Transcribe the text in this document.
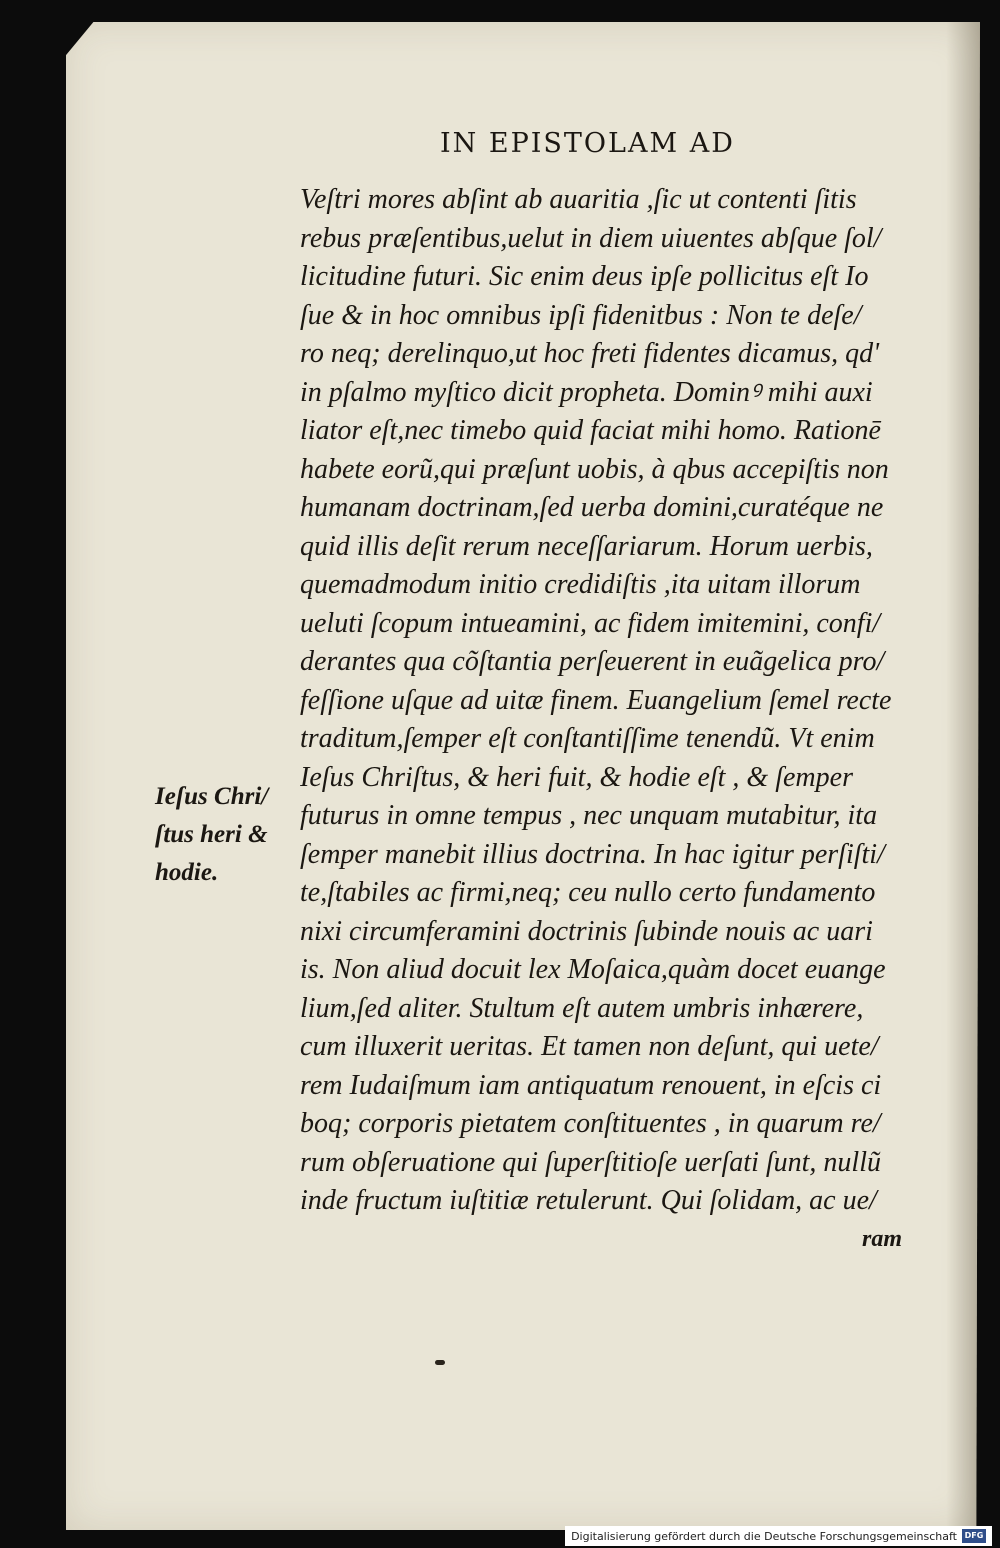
IN EPISTOLAM AD
Veſtri mores abſint ab auaritia ,ſic ut contenti ſitis
rebus præſentibus,uelut in diem uiuentes abſque ſol/
licitudine futuri. Sic enim deus ipſe pollicitus eſt Io
ſue & in hoc omnibus ipſi fidenitbus : Non te deſe/
ro neq; derelinquo,ut hoc freti fidentes dicamus, qd'
in pſalmo myſtico dicit propheta. Dominꝰ mihi auxi
liator eſt,nec timebo quid faciat mihi homo. Rationē
habete eorũ,qui præſunt uobis, à qbus accepiſtis non
humanam doctrinam,ſed uerba domini,curatéque ne
quid illis deſit rerum neceſſariarum. Horum uerbis,
quemadmodum initio credidiſtis ,ita uitam illorum
ueluti ſcopum intueamini, ac fidem imitemini, confi/
derantes qua cõſtantia perſeuerent in euãgelica pro/
feſſione uſque ad uitæ finem. Euangelium ſemel recte
traditum,ſemper eſt conſtantiſſime tenendũ. Vt enim
Ieſus Chriſtus, & heri fuit, & hodie eſt , & ſemper
futurus in omne tempus , nec unquam mutabitur, ita
ſemper manebit illius doctrina. In hac igitur perſiſti/
te,ſtabiles ac firmi,neq; ceu nullo certo fundamento
nixi circumferamini doctrinis ſubinde nouis ac uari
is. Non aliud docuit lex Moſaica,quàm docet euange
lium,ſed aliter. Stultum eſt autem umbris inhærere,
cum illuxerit ueritas. Et tamen non deſunt, qui uete/
rem Iudaiſmum iam antiquatum renouent, in eſcis ci
boq; corporis pietatem conſtituentes , in quarum re/
rum obſeruatione qui ſuperſtitioſe uerſati ſunt, nullũ
inde fructum iuſtitiæ retulerunt. Qui ſolidam, ac ue/
ram
Ieſus Chri/
ſtus heri &
hodie.
Digitalisierung gefördert durch die Deutsche Forschungsgemeinschaft DFG
